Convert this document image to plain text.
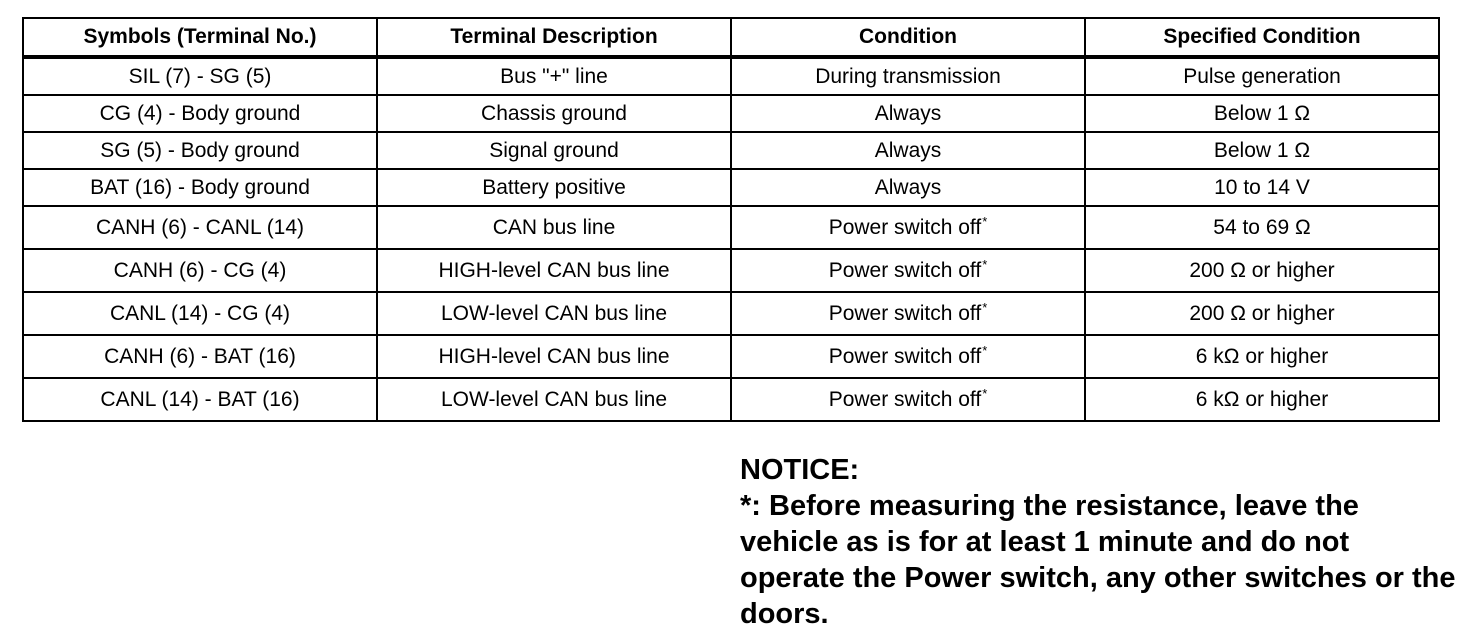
Symbols (Terminal No.)	Terminal Description	Condition	Specified Condition
SIL (7) - SG (5)	Bus "+" line	During transmission	Pulse generation
CG (4) - Body ground	Chassis ground	Always	Below 1 Ω
SG (5) - Body ground	Signal ground	Always	Below 1 Ω
BAT (16) - Body ground	Battery positive	Always	10 to 14 V
CANH (6) - CANL (14)	CAN bus line	Power switch off*	54 to 69 Ω
CANH (6) - CG (4)	HIGH-level CAN bus line	Power switch off*	200 Ω or higher
CANL (14) - CG (4)	LOW-level CAN bus line	Power switch off*	200 Ω or higher
CANH (6) - BAT (16)	HIGH-level CAN bus line	Power switch off*	6 kΩ or higher
CANL (14) - BAT (16)	LOW-level CAN bus line	Power switch off*	6 kΩ or higher

NOTICE:

*: Before measuring the resistance, leave the vehicle as is for at least 1 minute and do not operate the Power switch, any other switches or the doors.
